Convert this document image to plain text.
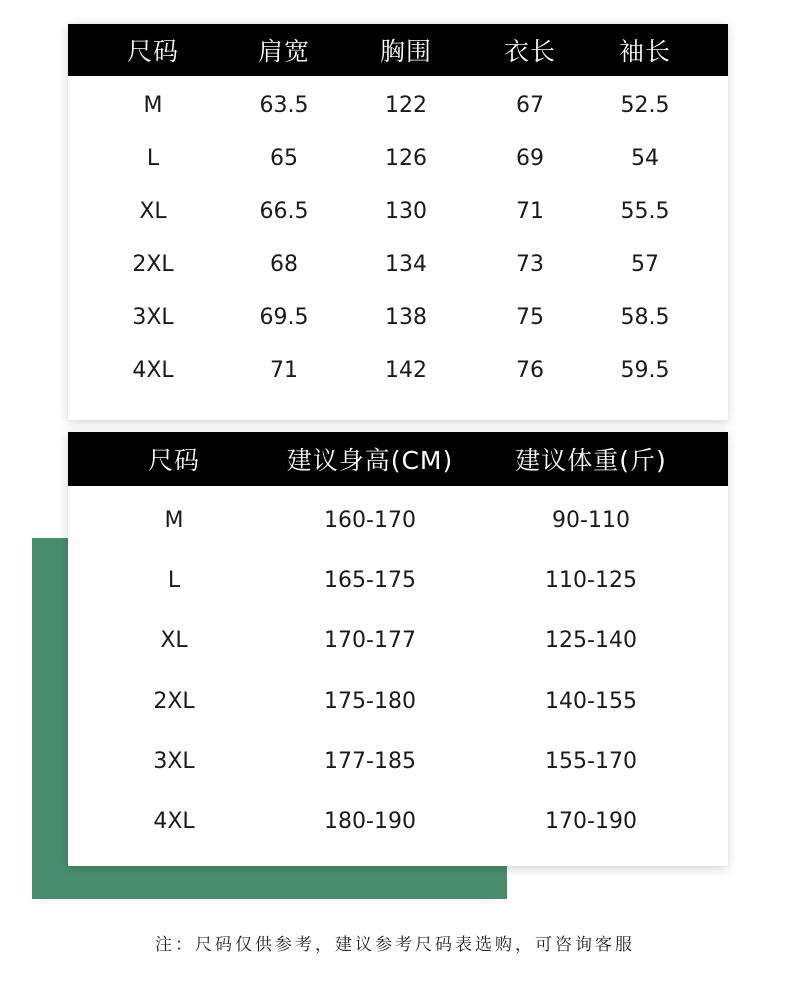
尺码	肩宽	胸围	衣长	袖长
M	63.5	122	67	52.5
L	65	126	69	54
XL	66.5	130	71	55.5
2XL	68	134	73	57
3XL	69.5	138	75	58.5
4XL	71	142	76	59.5
尺码	建议身高(CM)	建议体重(斤)
M	160-170	90-110
L	165-175	110-125
XL	170-177	125-140
2XL	175-180	140-155
3XL	177-185	155-170
4XL	180-190	170-190
注：尺码仅供参考，建议参考尺码表选购，可咨询客服
